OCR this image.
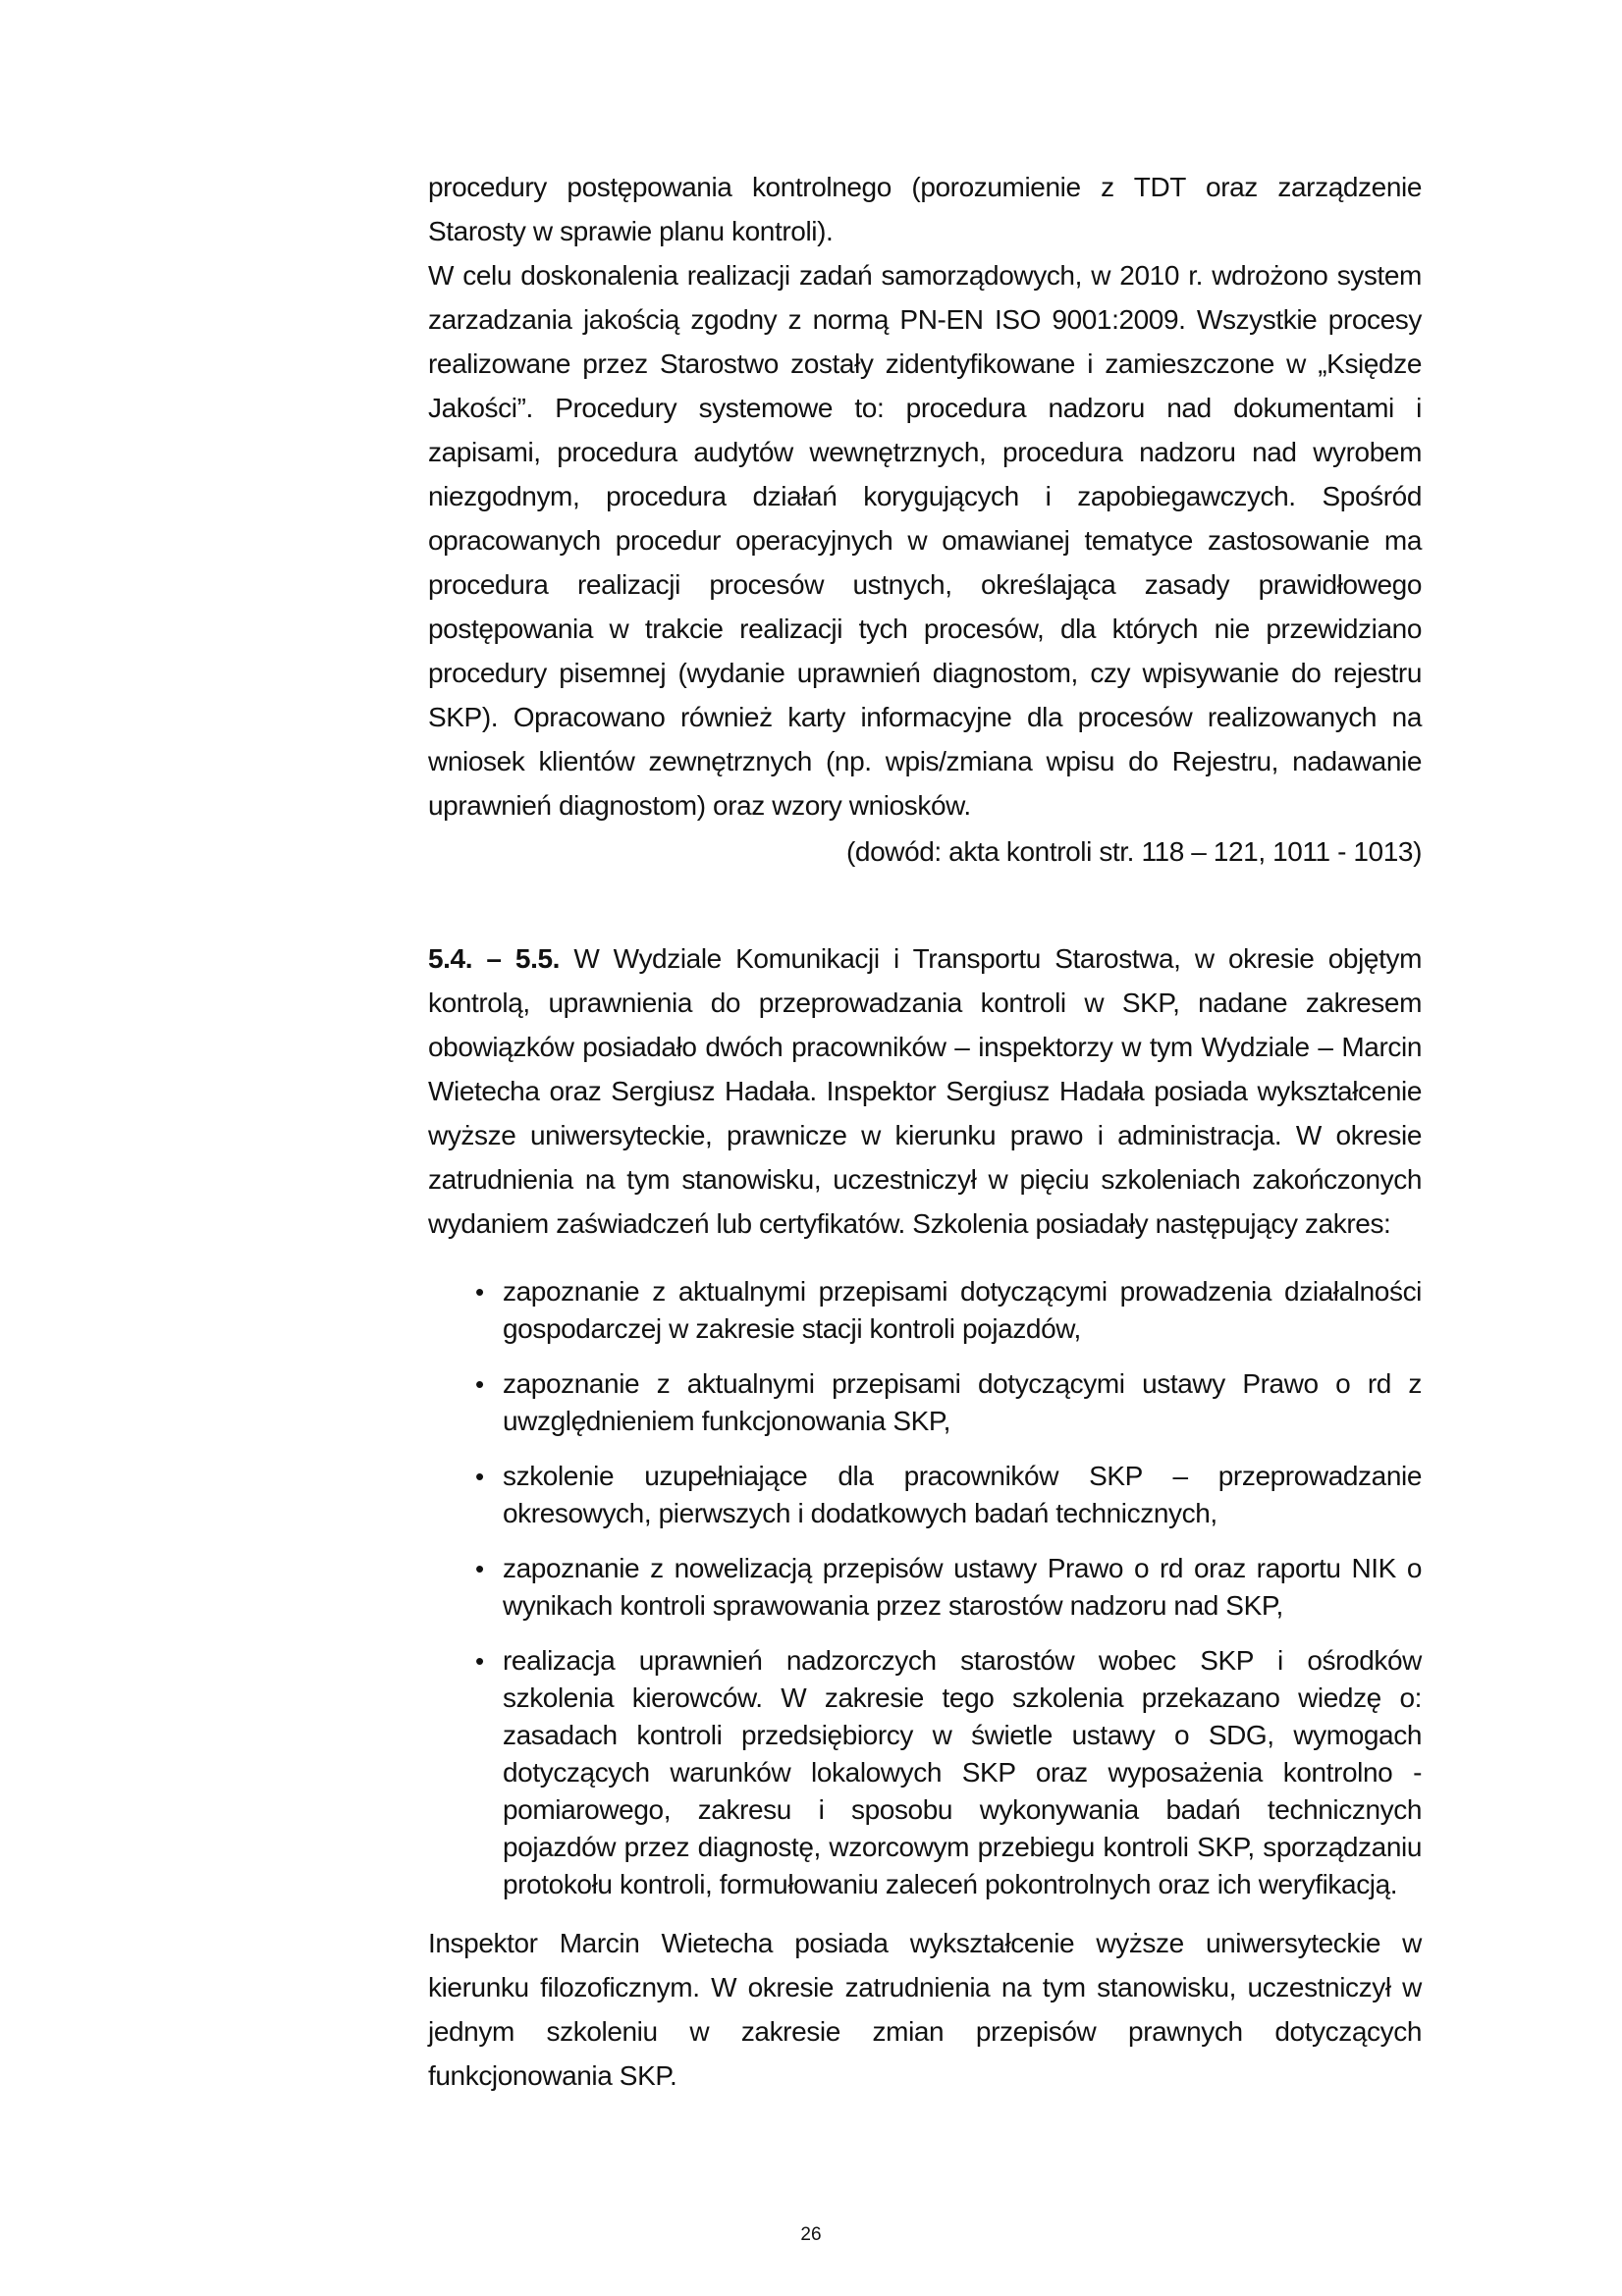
procedury postępowania kontrolnego (porozumienie z TDT oraz zarządzenie Starosty w sprawie planu kontroli).

W celu doskonalenia realizacji zadań samorządowych, w 2010 r. wdrożono system zarzadzania jakością zgodny z normą PN-EN ISO 9001:2009. Wszystkie procesy realizowane przez Starostwo zostały zidentyfikowane i zamieszczone w „Księdze Jakości”. Procedury systemowe to: procedura nadzoru nad dokumentami i zapisami, procedura audytów wewnętrznych, procedura nadzoru nad wyrobem niezgodnym, procedura działań korygujących i zapobiegawczych. Spośród opracowanych procedur operacyjnych w omawianej tematyce zastosowanie ma procedura realizacji procesów ustnych, określająca zasady prawidłowego postępowania w trakcie realizacji tych procesów, dla których nie przewidziano procedury pisemnej (wydanie uprawnień diagnostom, czy wpisywanie do rejestru SKP). Opracowano również karty informacyjne dla procesów realizowanych na wniosek klientów zewnętrznych (np. wpis/zmiana wpisu do Rejestru, nadawanie uprawnień diagnostom) oraz wzory wniosków.

(dowód: akta kontroli str. 118 – 121, 1011 - 1013)

5.4. – 5.5. W Wydziale Komunikacji i Transportu Starostwa, w okresie objętym kontrolą, uprawnienia do przeprowadzania kontroli w SKP, nadane zakresem obowiązków posiadało dwóch pracowników – inspektorzy w tym Wydziale – Marcin Wietecha oraz Sergiusz Hadała. Inspektor Sergiusz Hadała posiada wykształcenie wyższe uniwersyteckie, prawnicze w kierunku prawo i administracja. W okresie zatrudnienia na tym stanowisku, uczestniczył w pięciu szkoleniach zakończonych wydaniem zaświadczeń lub certyfikatów. Szkolenia posiadały następujący zakres:

• zapoznanie z aktualnymi przepisami dotyczącymi prowadzenia działalności gospodarczej w zakresie stacji kontroli pojazdów,
• zapoznanie z aktualnymi przepisami dotyczącymi ustawy Prawo o rd z uwzględnieniem funkcjonowania SKP,
• szkolenie uzupełniające dla pracowników SKP – przeprowadzanie okresowych, pierwszych i dodatkowych badań technicznych,
• zapoznanie z nowelizacją przepisów ustawy Prawo o rd oraz raportu NIK o wynikach kontroli sprawowania przez starostów nadzoru nad SKP,
• realizacja uprawnień nadzorczych starostów wobec SKP i ośrodków szkolenia kierowców. W zakresie tego szkolenia przekazano wiedzę o: zasadach kontroli przedsiębiorcy w świetle ustawy o SDG, wymogach dotyczących warunków lokalowych SKP oraz wyposażenia kontrolno - pomiarowego, zakresu i sposobu wykonywania badań technicznych pojazdów przez diagnostę, wzorcowym przebiegu kontroli SKP, sporządzaniu protokołu kontroli, formułowaniu zaleceń pokontrolnych oraz ich weryfikacją.

Inspektor Marcin Wietecha posiada wykształcenie wyższe uniwersyteckie w kierunku filozoficznym. W okresie zatrudnienia na tym stanowisku, uczestniczył w jednym szkoleniu w zakresie zmian przepisów prawnych dotyczących funkcjonowania SKP.

26
